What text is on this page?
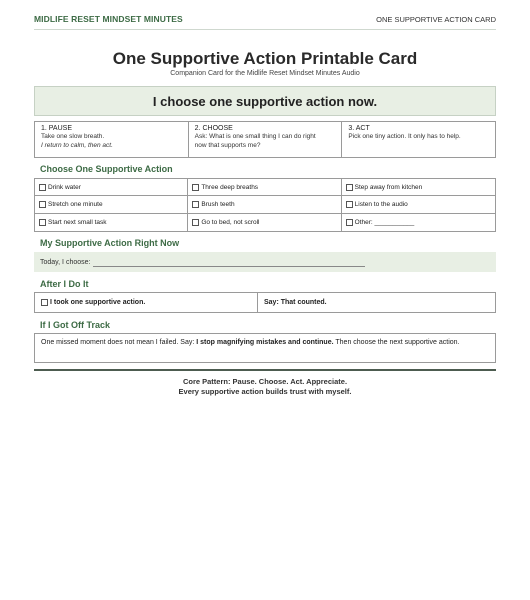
MIDLIFE RESET MINDSET MINUTES	ONE SUPPORTIVE ACTION CARD
One Supportive Action Printable Card
Companion Card for the Midlife Reset Mindset Minutes Audio
I choose one supportive action now.
1. PAUSE
Take one slow breath.
I return to calm, then act.
2. CHOOSE
Ask: What is one small thing I can do right
now that supports me?
3. ACT
Pick one tiny action. It only has to help.
Choose One Supportive Action
Drink water	Three deep breaths	Step away from kitchen
Stretch one minute	Brush teeth	Listen to the audio
Start next small task	Go to bed, not scroll	Other: ___________
My Supportive Action Right Now
Today, I choose:
After I Do It
I took one supportive action.	Say: That counted.
If I Got Off Track
One missed moment does not mean I failed. Say: I stop magnifying mistakes and continue. Then choose the next supportive action.
Core Pattern: Pause. Choose. Act. Appreciate.
Every supportive action builds trust with myself.
